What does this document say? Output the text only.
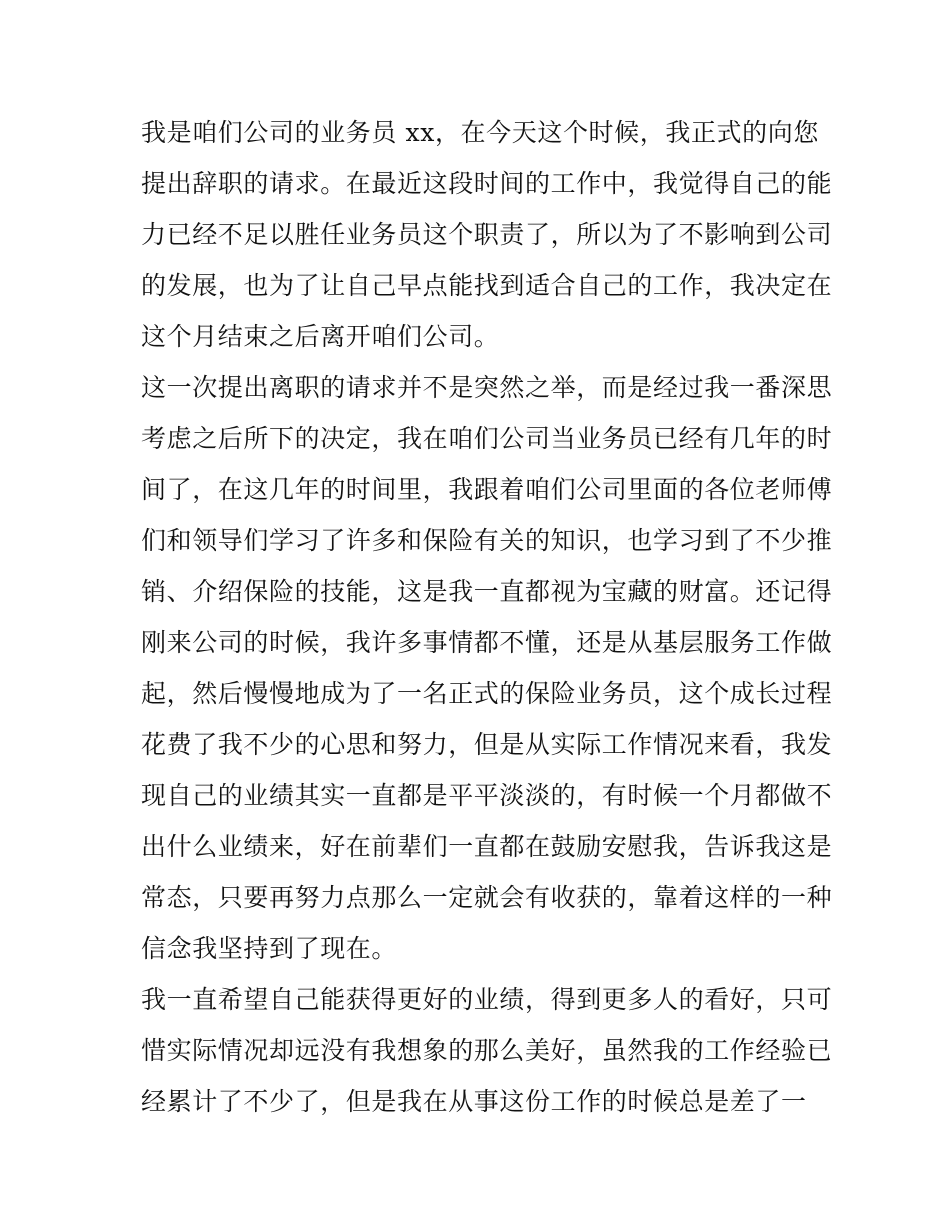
我是咱们公司的业务员 xx，在今天这个时候，我正式的向您
提出辞职的请求。在最近这段时间的工作中，我觉得自己的能
力已经不足以胜任业务员这个职责了，所以为了不影响到公司
的发展，也为了让自己早点能找到适合自己的工作，我决定在
这个月结束之后离开咱们公司。
这一次提出离职的请求并不是突然之举，而是经过我一番深思
考虑之后所下的决定，我在咱们公司当业务员已经有几年的时
间了，在这几年的时间里，我跟着咱们公司里面的各位老师傅
们和领导们学习了许多和保险有关的知识，也学习到了不少推
销、介绍保险的技能，这是我一直都视为宝藏的财富。还记得
刚来公司的时候，我许多事情都不懂，还是从基层服务工作做
起，然后慢慢地成为了一名正式的保险业务员，这个成长过程
花费了我不少的心思和努力，但是从实际工作情况来看，我发
现自己的业绩其实一直都是平平淡淡的，有时候一个月都做不
出什么业绩来，好在前辈们一直都在鼓励安慰我，告诉我这是
常态，只要再努力点那么一定就会有收获的，靠着这样的一种
信念我坚持到了现在。
我一直希望自己能获得更好的业绩，得到更多人的看好，只可
惜实际情况却远没有我想象的那么美好，虽然我的工作经验已
经累计了不少了，但是我在从事这份工作的时候总是差了一
